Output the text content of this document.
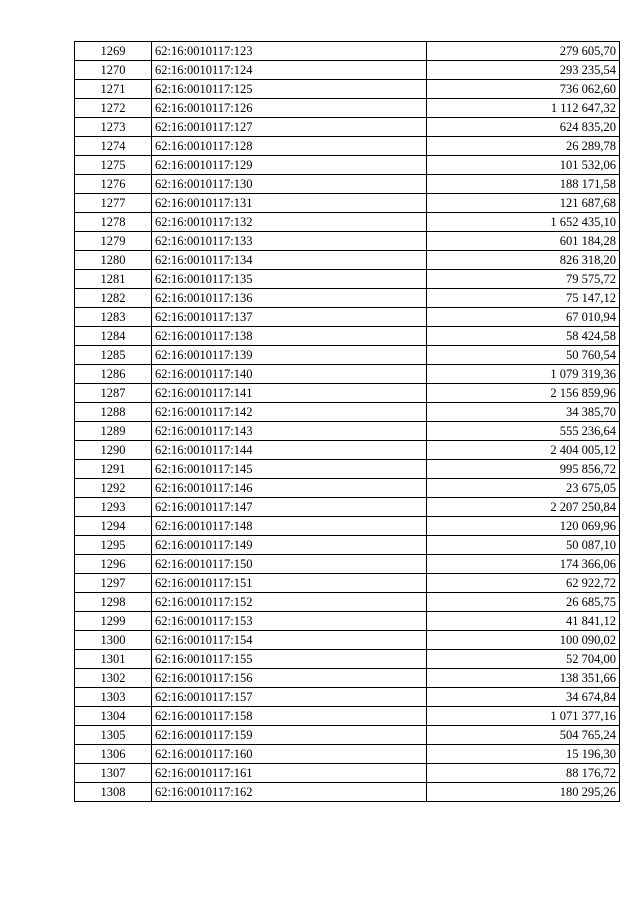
1269	62:16:0010117:123	279 605,70
1270	62:16:0010117:124	293 235,54
1271	62:16:0010117:125	736 062,60
1272	62:16:0010117:126	1 112 647,32
1273	62:16:0010117:127	624 835,20
1274	62:16:0010117:128	26 289,78
1275	62:16:0010117:129	101 532,06
1276	62:16:0010117:130	188 171,58
1277	62:16:0010117:131	121 687,68
1278	62:16:0010117:132	1 652 435,10
1279	62:16:0010117:133	601 184,28
1280	62:16:0010117:134	826 318,20
1281	62:16:0010117:135	79 575,72
1282	62:16:0010117:136	75 147,12
1283	62:16:0010117:137	67 010,94
1284	62:16:0010117:138	58 424,58
1285	62:16:0010117:139	50 760,54
1286	62:16:0010117:140	1 079 319,36
1287	62:16:0010117:141	2 156 859,96
1288	62:16:0010117:142	34 385,70
1289	62:16:0010117:143	555 236,64
1290	62:16:0010117:144	2 404 005,12
1291	62:16:0010117:145	995 856,72
1292	62:16:0010117:146	23 675,05
1293	62:16:0010117:147	2 207 250,84
1294	62:16:0010117:148	120 069,96
1295	62:16:0010117:149	50 087,10
1296	62:16:0010117:150	174 366,06
1297	62:16:0010117:151	62 922,72
1298	62:16:0010117:152	26 685,75
1299	62:16:0010117:153	41 841,12
1300	62:16:0010117:154	100 090,02
1301	62:16:0010117:155	52 704,00
1302	62:16:0010117:156	138 351,66
1303	62:16:0010117:157	34 674,84
1304	62:16:0010117:158	1 071 377,16
1305	62:16:0010117:159	504 765,24
1306	62:16:0010117:160	15 196,30
1307	62:16:0010117:161	88 176,72
1308	62:16:0010117:162	180 295,26
